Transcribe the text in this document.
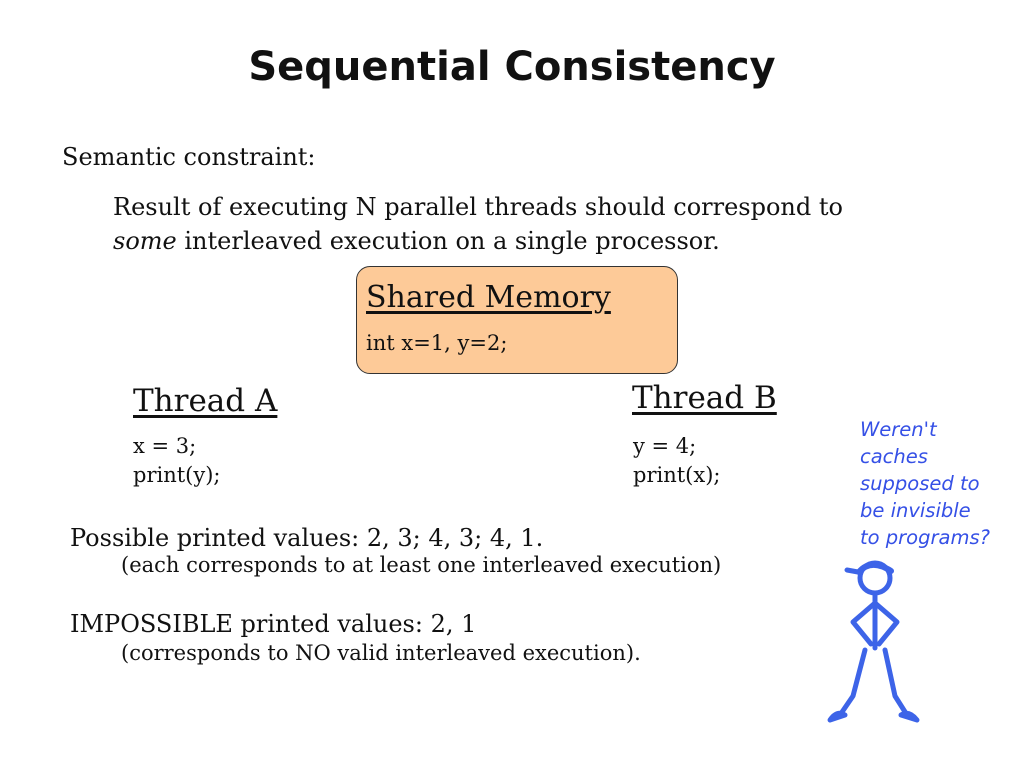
Sequential Consistency
Semantic constraint:
Result of executing N parallel threads should correspond to
some interleaved execution on a single processor.
Shared Memory
int x=1, y=2;
Thread A
x = 3;
print(y);
Thread B
y = 4;
print(x);
Possible printed values: 2, 3; 4, 3; 4, 1.
(each corresponds to at least one interleaved execution)
IMPOSSIBLE printed values: 2, 1
(corresponds to NO valid interleaved execution).
Weren't
caches
supposed to
be invisible
to programs?
